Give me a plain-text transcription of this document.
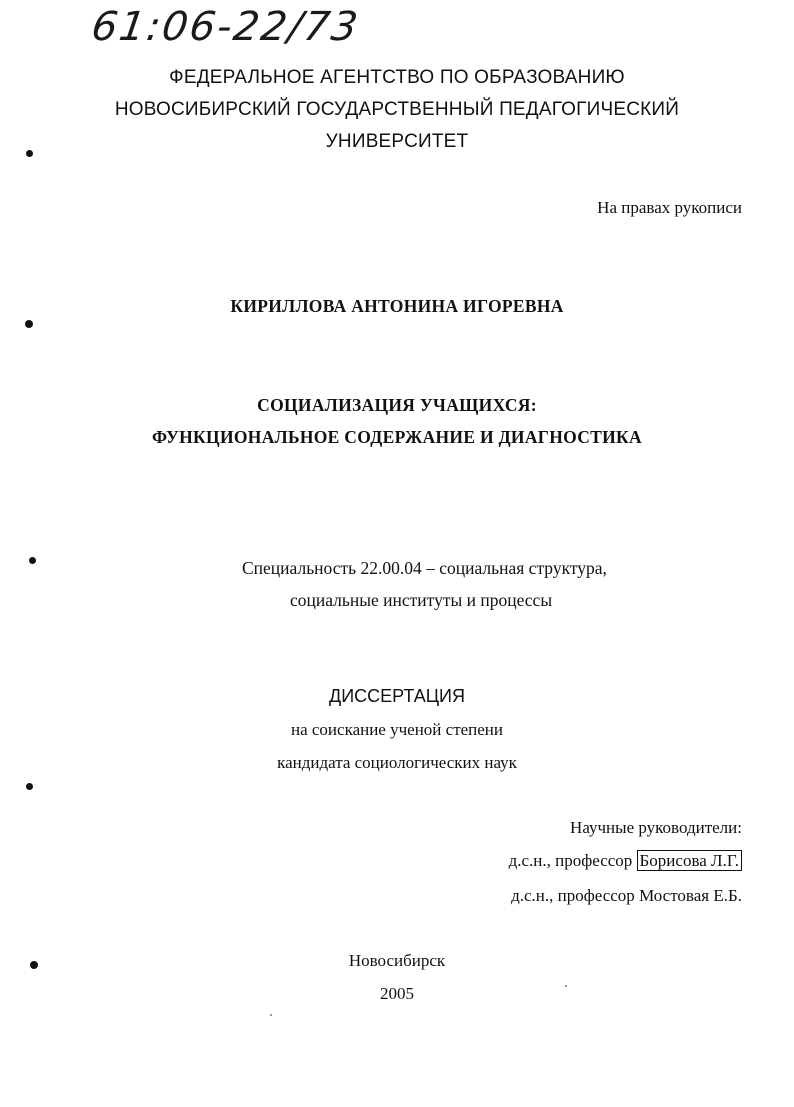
61:06-22/73
ФЕДЕРАЛЬНОЕ АГЕНТСТВО ПО ОБРАЗОВАНИЮ
НОВОСИБИРСКИЙ ГОСУДАРСТВЕННЫЙ ПЕДАГОГИЧЕСКИЙ
УНИВЕРСИТЕТ
На правах рукописи
КИРИЛЛОВА АНТОНИНА ИГОРЕВНА
СОЦИАЛИЗАЦИЯ УЧАЩИХСЯ:
ФУНКЦИОНАЛЬНОЕ СОДЕРЖАНИЕ И ДИАГНОСТИКА
Специальность 22.00.04 – социальная структура,
социальные институты и процессы
ДИССЕРТАЦИЯ
на соискание ученой степени
кандидата социологических наук
Научные руководители:
д.с.н., профессор Борисова Л.Г.
д.с.н., профессор Мостовая Е.Б.
Новосибирск
2005
